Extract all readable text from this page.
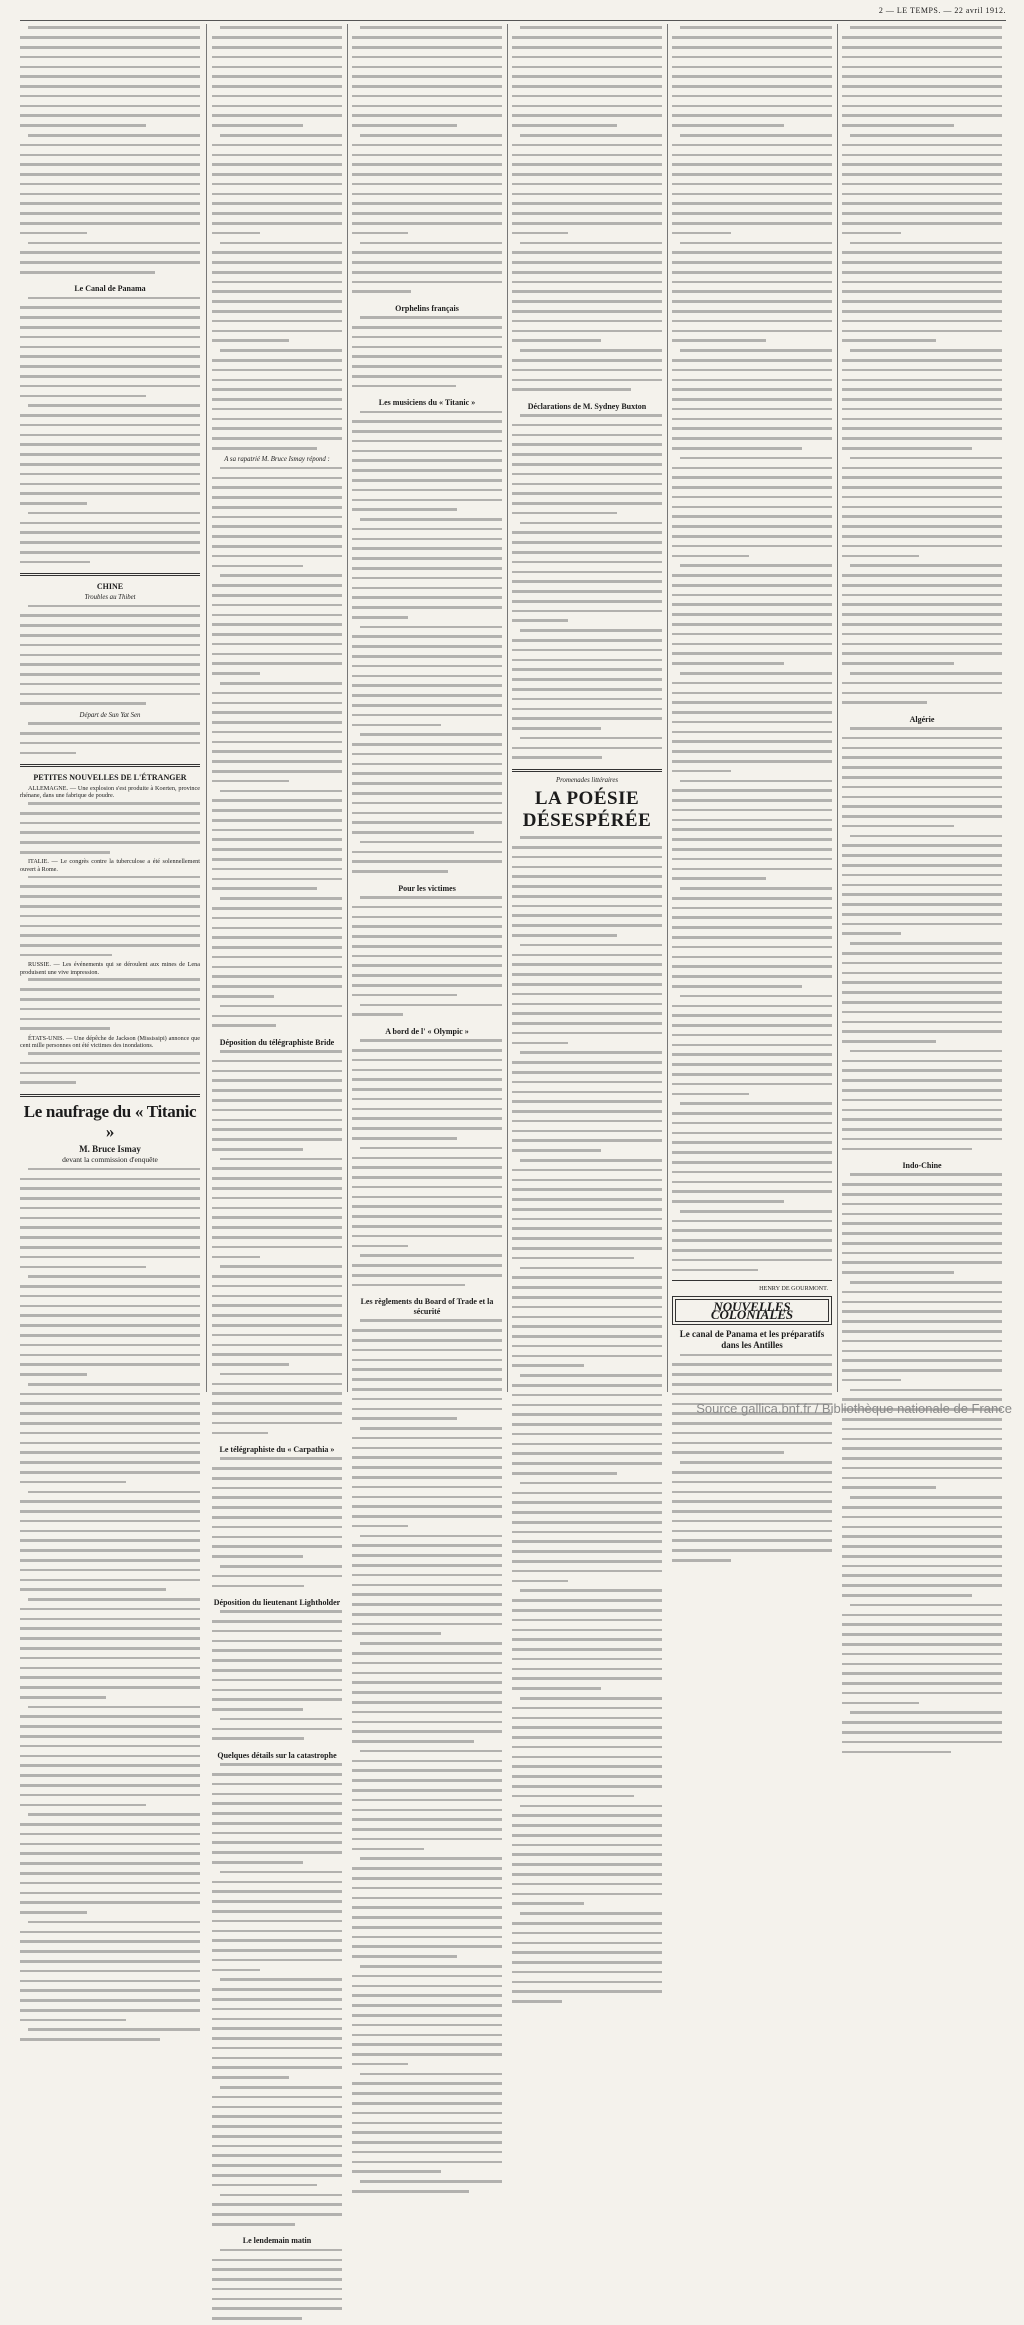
2 — LE TEMPS. — 22 avril 1912.
Le Canal de Panama
CHINE
Troubles au Thibet
Départ de Sun Yat Sen
PETITES NOUVELLES DE L'ÉTRANGER

ALLEMAGNE. — Une explosion s'est produite à Koerten, province rhénane, dans une fabrique de poudre.

ITALIE. — Le congrès contre la tuberculose a été solennellement ouvert à Rome.

RUSSIE. — Les événements qui se déroulent aux mines de Lena produisent une vive impression.

ÉTATS-UNIS. — Une dépêche de Jackson (Mississipi) annonce que cent mille personnes ont été victimes des inondations.

Le naufrage du « Titanic »
M. Bruce Ismay
devant la commission d'enquête
A sa rapatrié M. Bruce Ismay répond :
Déposition du télégraphiste Bride
Le télégraphiste du « Carpathia »
Déposition du lieutenant Lightholder
Quelques détails sur la catastrophe
Le lendemain matin
Orphelins français
Les musiciens du « Titanic »
Pour les victimes
A bord de l' « Olympic »
Les règlements du Board of Trade et la sécurité
Déclarations de M. Sydney Buxton
Promenades littéraires
LA POÉSIE DÉSESPÉRÉE
HENRY DE GOURMONT.
NOUVELLES COLONIALES
Le canal de Panama et les préparatifs dans les Antilles
Algérie
Indo-Chine
Source gallica.bnf.fr / Bibliothèque nationale de France
